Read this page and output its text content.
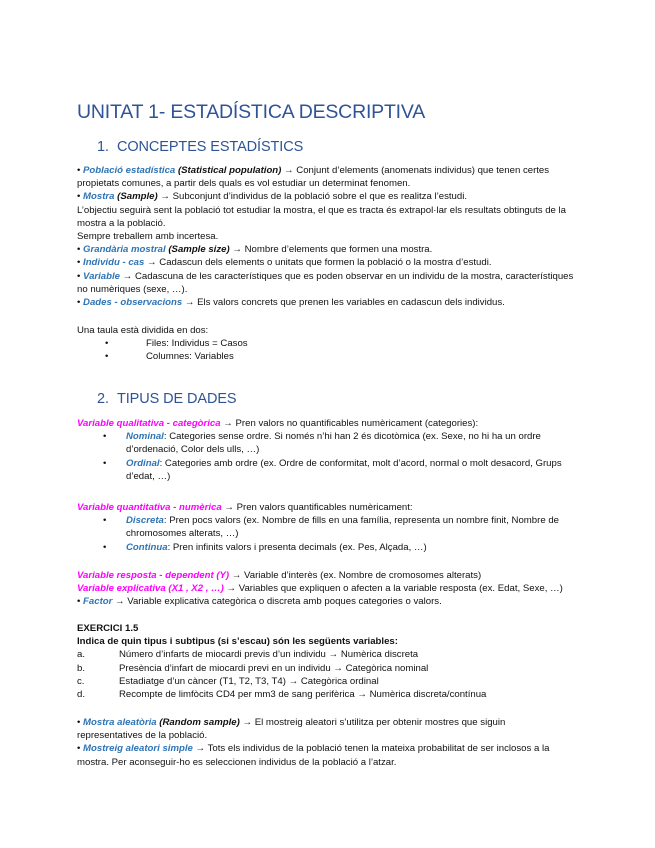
UNITAT 1- ESTADÍSTICA DESCRIPTIVA
1. CONCEPTES ESTADÍSTICS
• Població estadística (Statistical population) → Conjunt d’elements (anomenats individus) que tenen certes
propietats comunes, a partir dels quals es vol estudiar un determinat fenomen.
• Mostra (Sample) → Subconjunt d’individus de la població sobre el que es realitza l’estudi.
L’objectiu seguirà sent la població tot estudiar la mostra, el que es tracta és extrapol·lar els resultats obtinguts de la
mostra a la població.
Sempre treballem amb incertesa.
• Grandària mostral (Sample size) → Nombre d’elements que formen una mostra.
• Individu - cas → Cadascun dels elements o unitats que formen la població o la mostra d’estudi.
• Variable → Cadascuna de les característiques que es poden observar en un individu de la mostra, característiques
no numèriques (sexe, …).
• Dades - observacions → Els valors concrets que prenen les variables en cadascun dels individus.
Una taula està dividida en dos:
•	Files: Individus = Casos
•	Columnes: Variables
2. TIPUS DE DADES
Variable qualitativa - categòrica → Pren valors no quantificables numèricament (categories):
• Nominal: Categories sense ordre. Si només n’hi han 2 és dicotòmica (ex. Sexe, no hi ha un ordre
d’ordenació, Color dels ulls, …)
• Ordinal: Categories amb ordre (ex. Ordre de conformitat, molt d’acord, normal o molt desacord, Grups
d’edat, …)
Variable quantitativa - numèrica → Pren valors quantificables numèricament:
• Discreta: Pren pocs valors (ex. Nombre de fills en una família, representa un nombre finit, Nombre de
chromosomes alterats, …)
• Continua: Pren infinits valors i presenta decimals (ex. Pes, Alçada, …)
Variable resposta - dependent (Y) → Variable d’interès (ex. Nombre de cromosomes alterats)
Variable explicativa (X1 , X2 , …) → Variables que expliquen o afecten a la variable resposta (ex. Edat, Sexe, …)
• Factor → Variable explicativa categòrica o discreta amb poques categories o valors.
EXERCICI 1.5
Indica de quin tipus i subtipus (si s’escau) són les següents variables:
a.	Número d’infarts de miocardi previs d’un individu → Numèrica discreta
b.	Presència d’infart de miocardi previ en un individu → Categòrica nominal
c.	Estadiatge d’un càncer (T1, T2, T3, T4) → Categòrica ordinal
d.	Recompte de limfòcits CD4 per mm3 de sang perifèrica → Numèrica discreta/contínua
• Mostra aleatòria (Random sample) → El mostreig aleatori s’utilitza per obtenir mostres que siguin
representatives de la població.
• Mostreig aleatori simple → Tots els individus de la població tenen la mateixa probabilitat de ser inclosos a la
mostra. Per aconseguir-ho es seleccionen individus de la població a l’atzar.
